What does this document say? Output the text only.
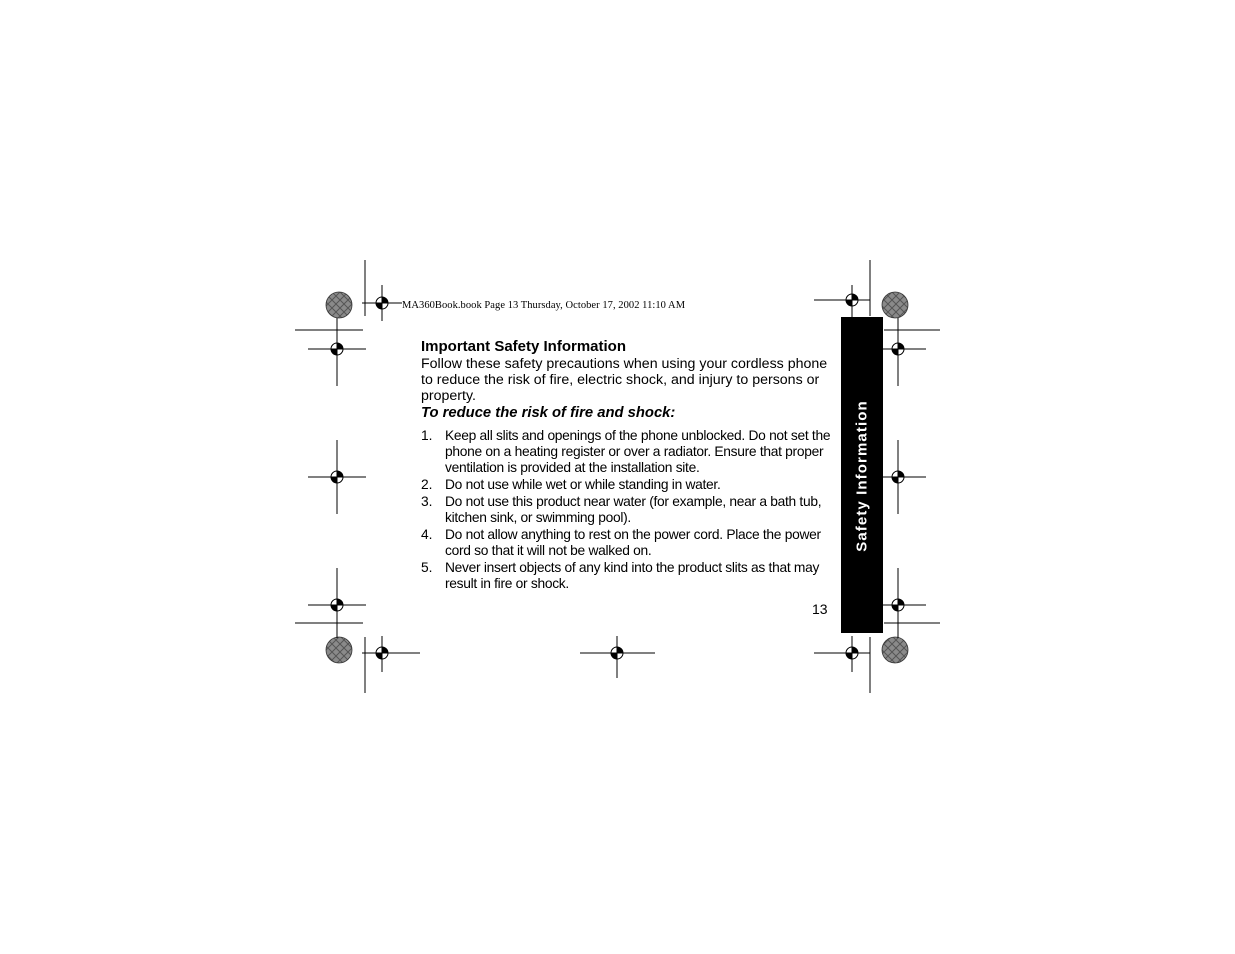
MA360Book.book Page 13 Thursday, October 17, 2002 11:10 AM
Important Safety Information

Follow these safety precautions when using your cordless phone to reduce the risk of fire, electric shock, and injury to persons or property.

To reduce the risk of fire and shock:
1. Keep all slits and openings of the phone unblocked. Do not set the phone on a heating register or over a radiator. Ensure that proper ventilation is provided at the installation site.
2. Do not use while wet or while standing in water.
3. Do not use this product near water (for example, near a bath tub, kitchen sink, or swimming pool).
4. Do not allow anything to rest on the power cord. Place the power cord so that it will not be walked on.
5. Never insert objects of any kind into the product slits as that may result in fire or shock.
13
Safety Information
